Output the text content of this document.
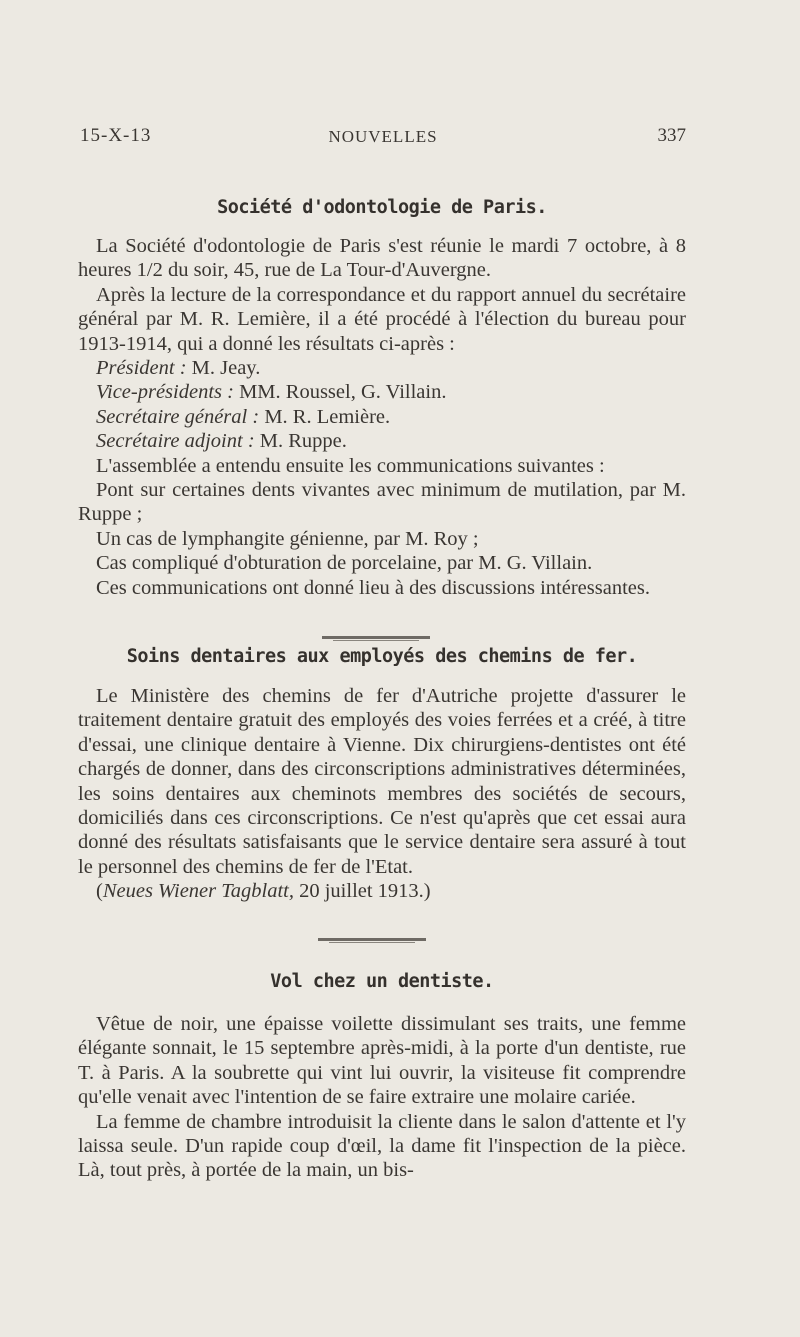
15-X-13	NOUVELLES	337
Société d'odontologie de Paris.

La Société d'odontologie de Paris s'est réunie le mardi 7 octobre, à 8 heures 1/2 du soir, 45, rue de La Tour-d'Auvergne.

Après la lecture de la correspondance et du rapport annuel du secrétaire général par M. R. Lemière, il a été procédé à l'élection du bureau pour 1913-1914, qui a donné les résultats ci-après :

Président : M. Jeay.

Vice-présidents : MM. Roussel, G. Villain.

Secrétaire général : M. R. Lemière.

Secrétaire adjoint : M. Ruppe.

L'assemblée a entendu ensuite les communications suivantes :

Pont sur certaines dents vivantes avec minimum de mutilation, par M. Ruppe ;

Un cas de lymphangite génienne, par M. Roy ;

Cas compliqué d'obturation de porcelaine, par M. G. Villain.

Ces communications ont donné lieu à des discussions intéressantes.

Soins dentaires aux employés des chemins de fer.

Le Ministère des chemins de fer d'Autriche projette d'assurer le traitement dentaire gratuit des employés des voies ferrées et a créé, à titre d'essai, une clinique dentaire à Vienne. Dix chirurgiens-dentistes ont été chargés de donner, dans des circonscriptions administratives déterminées, les soins dentaires aux cheminots membres des sociétés de secours, domiciliés dans ces circonscriptions. Ce n'est qu'après que cet essai aura donné des résultats satisfaisants que le service dentaire sera assuré à tout le personnel des chemins de fer de l'Etat.

(Neues Wiener Tagblatt, 20 juillet 1913.)

Vol chez un dentiste.

Vêtue de noir, une épaisse voilette dissimulant ses traits, une femme élégante sonnait, le 15 septembre après-midi, à la porte d'un dentiste, rue T. à Paris. A la soubrette qui vint lui ouvrir, la visiteuse fit comprendre qu'elle venait avec l'intention de se faire extraire une molaire cariée.

La femme de chambre introduisit la cliente dans le salon d'attente et l'y laissa seule. D'un rapide coup d'œil, la dame fit l'inspection de la pièce. Là, tout près, à portée de la main, un bis-
